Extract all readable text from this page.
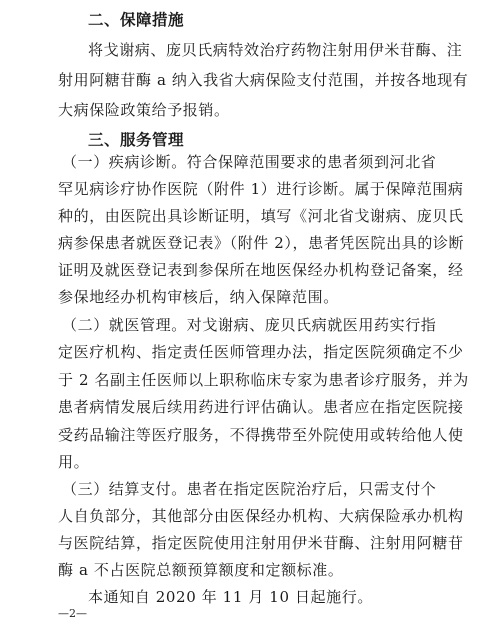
二、保障措施
将戈谢病、庞贝氏病特效治疗药物注射用伊米苷酶、注
射用阿糖苷酶 a 纳入我省大病保险支付范围，并按各地现有
大病保险政策给予报销。
三、服务管理
（一）疾病诊断。符合保障范围要求的患者须到河北省
罕见病诊疗协作医院（附件 1）进行诊断。属于保障范围病
种的，由医院出具诊断证明，填写《河北省戈谢病、庞贝氏
病参保患者就医登记表》（附件 2），患者凭医院出具的诊断
证明及就医登记表到参保所在地医保经办机构登记备案，经
参保地经办机构审核后，纳入保障范围。
（二）就医管理。对戈谢病、庞贝氏病就医用药实行指
定医疗机构、指定责任医师管理办法，指定医院须确定不少
于 2 名副主任医师以上职称临床专家为患者诊疗服务，并为
患者病情发展后续用药进行评估确认。患者应在指定医院接
受药品输注等医疗服务，不得携带至外院使用或转给他人使
用。
（三）结算支付。患者在指定医院治疗后，只需支付个
人自负部分，其他部分由医保经办机构、大病保险承办机构
与医院结算，指定医院使用注射用伊米苷酶、注射用阿糖苷
酶 a 不占医院总额预算额度和定额标准。
本通知自 2020 年 11 月 10 日起施行。
—2—
